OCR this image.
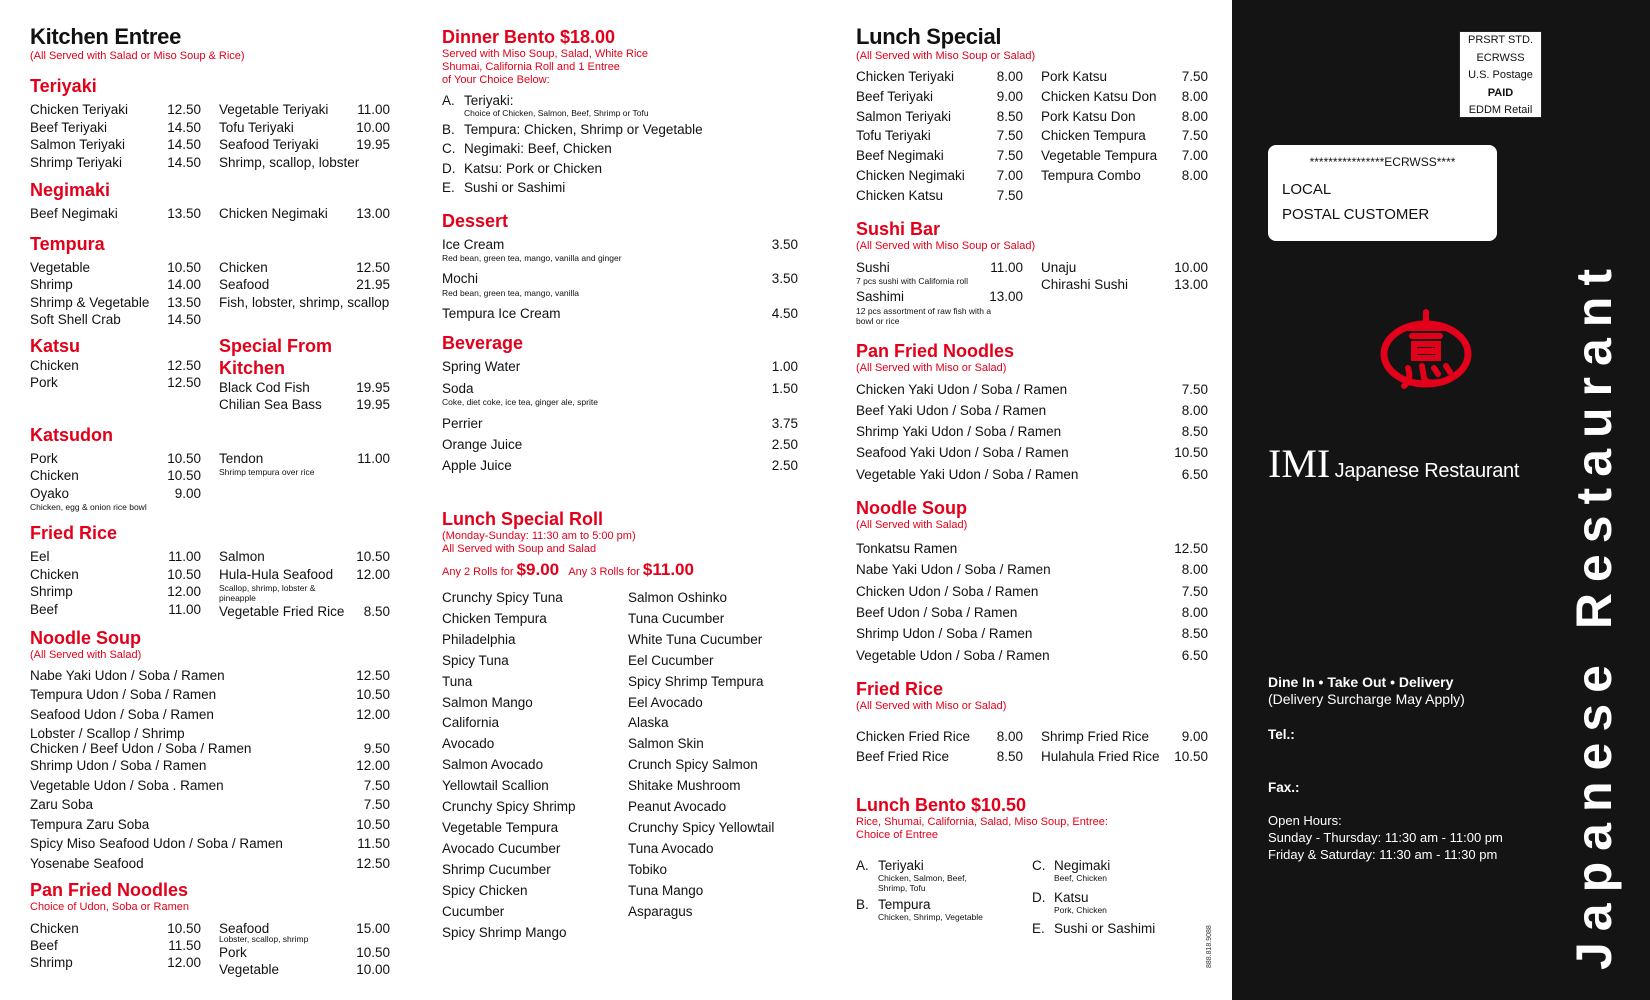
Kitchen Entree
(All Served with Salad or Miso Soup & Rice)
Teriyaki
Chicken Teriyaki	12.50
Beef Teriyaki	14.50
Salmon Teriyaki	14.50
Shrimp Teriyaki	14.50
Vegetable Teriyaki 11.00
Tofu Teriyaki	10.00
Seafood Teriyaki	19.95
Shrimp, scallop, lobster
Negimaki
Beef Negimaki	13.50 Chicken Negimaki 13.00
Tempura
Vegetable	10.50
Shrimp	14.00
Shrimp & Vegetable 13.50
Soft Shell Crab	14.50
Chicken	12.50
Seafood	21.95
Fish, lobster, shrimp, scallop
Katsu
Chicken	12.50
Pork	12.50
Special From Kitchen
Black Cod Fish	19.95
Chilian Sea Bass	19.95
Katsudon
Pork	10.50
Chicken	10.50
Oyako	9.00
Chicken, egg & onion rice bowl
Tendon	11.00
Shrimp tempura over rice
Fried Rice
Eel	11.00
Chicken	10.50
Shrimp	12.00
Beef	11.00
Salmon	10.50
Hula-Hula Seafood 12.00
Scallop, shrimp, lobster & pineapple
Vegetable Fried Rice 8.50
Noodle Soup
(All Served with Salad)
Nabe Yaki Udon / Soba / Ramen	12.50
Tempura Udon / Soba / Ramen	10.50
Seafood Udon / Soba / Ramen	12.00
Lobster / Scallop / Shrimp
Chicken / Beef Udon / Soba / Ramen	9.50
Shrimp Udon / Soba / Ramen	12.00
Vegetable Udon / Soba . Ramen	7.50
Zaru Soba	7.50
Tempura Zaru Soba	10.50
Spicy Miso Seafood Udon / Soba / Ramen	11.50
Yosenabe Seafood	12.50
Pan Fried Noodles
Choice of Udon, Soba or Ramen
Chicken	10.50
Beef	11.50
Shrimp	12.00
Seafood	15.00
Lobster, scallop, shrimp
Pork	10.50
Vegetable	10.00
Dinner Bento $18.00
Served with Miso Soup, Salad, White Rice
Shumai, California Roll and 1 Entree
of Your Choice Below:
A. Teriyaki:
Choice of Chicken, Salmon, Beef, Shrimp or Tofu
B. Tempura: Chicken, Shrimp or Vegetable
C. Negimaki: Beef, Chicken
D. Katsu: Pork or Chicken
E. Sushi or Sashimi
Dessert
Ice Cream	3.50
Red bean, green tea, mango, vanilla and ginger
Mochi	3.50
Red bean, green tea, mango, vanilla
Tempura Ice Cream	4.50
Beverage
Spring Water	1.00
Soda	1.50
Coke, diet coke, ice tea, ginger ale, sprite
Perrier	3.75
Orange Juice	2.50
Apple Juice	2.50
Lunch Special Roll
(Monday-Sunday: 11:30 am to 5:00 pm)
All Served with Soup and Salad
Any 2 Rolls for $9.00 Any 3 Rolls for $11.00
Crunchy Spicy Tuna
Chicken Tempura
Philadelphia
Spicy Tuna
Tuna
Salmon Mango
California
Avocado
Salmon Avocado
Yellowtail Scallion
Crunchy Spicy Shrimp
Vegetable Tempura
Avocado Cucumber
Shrimp Cucumber
Spicy Chicken
Cucumber
Spicy Shrimp Mango
Salmon Oshinko
Tuna Cucumber
White Tuna Cucumber
Eel Cucumber
Spicy Shrimp Tempura
Eel Avocado
Alaska
Salmon Skin
Crunch Spicy Salmon
Shitake Mushroom
Peanut Avocado
Crunchy Spicy Yellowtail
Tuna Avocado
Tobiko
Tuna Mango
Asparagus
Lunch Special
(All Served with Miso Soup or Salad)
Chicken Teriyaki	8.00
Beef Teriyaki	9.00
Salmon Teriyaki	8.50
Tofu Teriyaki	7.50
Beef Negimaki	7.50
Chicken Negimaki 7.00
Chicken Katsu	7.50
Pork Katsu	7.50
Chicken Katsu Don 8.00
Pork Katsu Don	8.00
Chicken Tempura	7.50
Vegetable Tempura 7.00
Tempura Combo	8.00
Sushi Bar
(All Served with Miso Soup or Salad)
Sushi	11.00
7 pcs sushi with California roll
Sashimi	13.00
12 pcs assortment of raw fish with a bowl or rice
Unaju	10.00
Chirashi Sushi	13.00
Pan Fried Noodles
(All Served with Miso or Salad)
Chicken Yaki Udon / Soba / Ramen	7.50
Beef Yaki Udon / Soba / Ramen	8.00
Shrimp Yaki Udon / Soba / Ramen	8.50
Seafood Yaki Udon / Soba / Ramen	10.50
Vegetable Yaki Udon / Soba / Ramen	6.50
Noodle Soup
(All Served with Salad)
Tonkatsu Ramen	12.50
Nabe Yaki Udon / Soba / Ramen	8.00
Chicken Udon / Soba / Ramen	7.50
Beef Udon / Soba / Ramen	8.00
Shrimp Udon / Soba / Ramen	8.50
Vegetable Udon / Soba / Ramen	6.50
Fried Rice
(All Served with Miso or Salad)
Chicken Fried Rice 8.00
Beef Fried Rice	8.50
Shrimp Fried Rice 9.00
Hulahula Fried Rice 10.50
Lunch Bento $10.50
Rice, Shumai, California, Salad, Miso Soup, Entree:
Choice of Entree
A. Teriyaki
Chicken, Salmon, Beef, Shrimp, Tofu
B. Tempura
Chicken, Shrimp, Vegetable
C. Negimaki
Beef, Chicken
D. Katsu
Pork, Chicken
E. Sushi or Sashimi	888.818.9088
PRSRT STD.
ECRWSS
U.S. Postage
PAID
EDDM Retail
****************ECRWSS****
LOCAL
POSTAL CUSTOMER
IMI Japanese Restaurant Japanese Restaurant
Dine In • Take Out • Delivery
(Delivery Surcharge May Apply)
Tel.:
Fax.:
Open Hours:
Sunday - Thursday: 11:30 am - 11:00 pm
Friday & Saturday: 11:30 am - 11:30 pm
